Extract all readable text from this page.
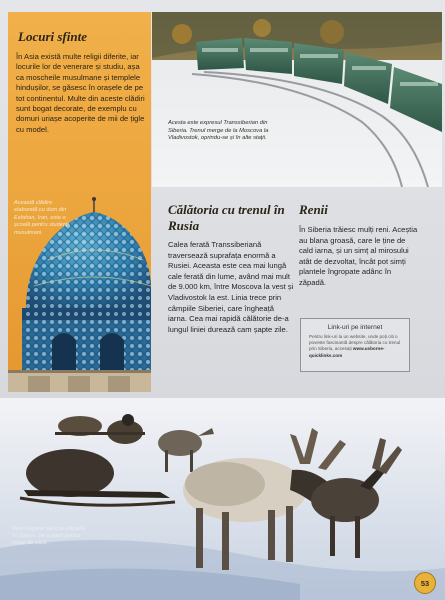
Locuri sfinte
În Asia există multe religii diferite, iar locurile lor de venerare și studiu, așa ca moscheile musulmane și templele hindușilor, se găsesc în orașele de pe tot continentul. Multe din aceste clădiri sunt bogat decorate, de exemplu cu domuri uriașe acoperite de mii de țigle cu model.
Această clădire elaborată cu dom din Esfahan, Iran, este o școală pentru studenți musulmani.
Acesta este expresul Transsiberian din Siberia. Trenul merge de la Moscova la Vladivostok, oprindu-se și în alte stații.
Călătoria cu trenul în Rusia
Calea ferată Transsiberiană traversează suprafața enormă a Rusiei. Aceasta este cea mai lungă cale ferată din lume, având mai mult de 9.000 km, între Moscova la vest și Vladivostok la est. Linia trece prin câmpiile Siberiei, care îngheață iarna. Cea mai rapidă călătorie de-a lungul liniei durează cam șapte zile.
Renii
În Siberia trăiesc mulți reni. Aceștia au blana groasă, care le ține de cald iarna, și un simț al mirosului atât de dezvoltat, încât pot simți plantele îngropate adânc în zăpadă.
Link-uri pe internet
Pentru link-uri la un website, unde poți citi o poveste fascinantă despre călătoria cu trenul prin Siberia, accesați www.usborne-quicklinks.com
Reni trăgând sănii pe zăpadă, în Siberia, pe o pistă pentru curse de sănii.
53
